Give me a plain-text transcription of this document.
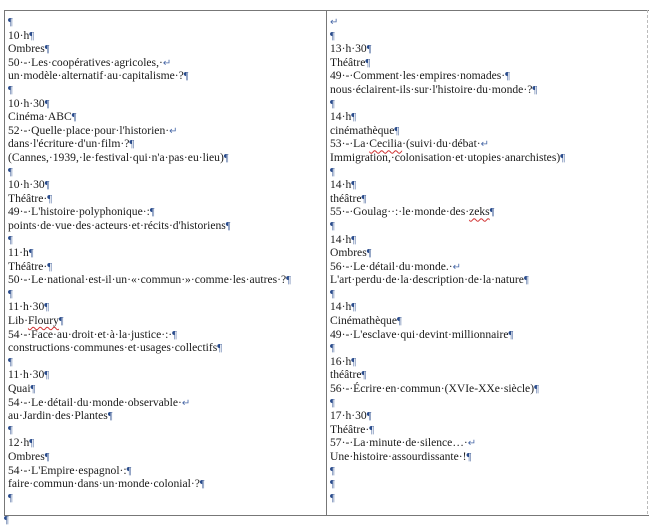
¶
10·h¶
Ombres¶
50·-·Les·coopératives·agricoles,·↵
un·modèle·alternatif·au·capitalisme·?¶
¶
10·h·30¶
Cinéma·ABC¶
52·-·Quelle·place·pour·l'historien·↵
dans·l'écriture·d'un·film·?¶
(Cannes,·1939,·le·festival·qui·n'a·pas·eu·lieu)¶
¶
10·h·30¶
Théâtre·¶
49·-·L'histoire·polyphonique·:¶
points·de·vue·des·acteurs·et·récits·d'historiens¶
¶
11·h¶
Théâtre·¶
50·-·Le·national·est-il·un·«·commun·»·comme·les·autres·?¶
¶
11·h·30¶
Lib·Floury¶
54·-·Face·au·droit·et·à·la·justice·:·¶
constructions·communes·et·usages·collectifs¶
¶
11·h·30¶
Quai¶
54·-·Le·détail·du·monde·observable·↵
au·Jardin·des·Plantes¶
¶
12·h¶
Ombres¶
54·-·L'Empire·espagnol·:¶
faire·commun·dans·un·monde·colonial·?¶
¶
↵
¶
13·h·30¶
Théâtre¶
49·-·Comment·les·empires·nomades·¶
nous·éclairent-ils·sur·l'histoire·du·monde·?¶
¶
14·h¶
cinémathèque¶
53·-·La·Cecilia·(suivi·du·débat·↵
Immigration,·colonisation·et·utopies·anarchistes)¶
¶
14·h¶
théâtre¶
55·-·Goulag··:·le·monde·des·zeks¶
¶
14·h¶
Ombres¶
56·-·Le·détail·du·monde.·↵
L'art·perdu·de·la·description·de·la·nature¶
¶
14·h¶
Cinémathèque¶
49·-·L'esclave·qui·devint·millionnaire¶
¶
16·h¶
théâtre¶
56·-·Écrire·en·commun·(XVIe-XXe·siècle)¶
¶
17·h·30¶
Théâtre·¶
57·-·La·minute·de·silence…·↵
Une·histoire·assourdissante·!¶
¶
¶
¶
¶
